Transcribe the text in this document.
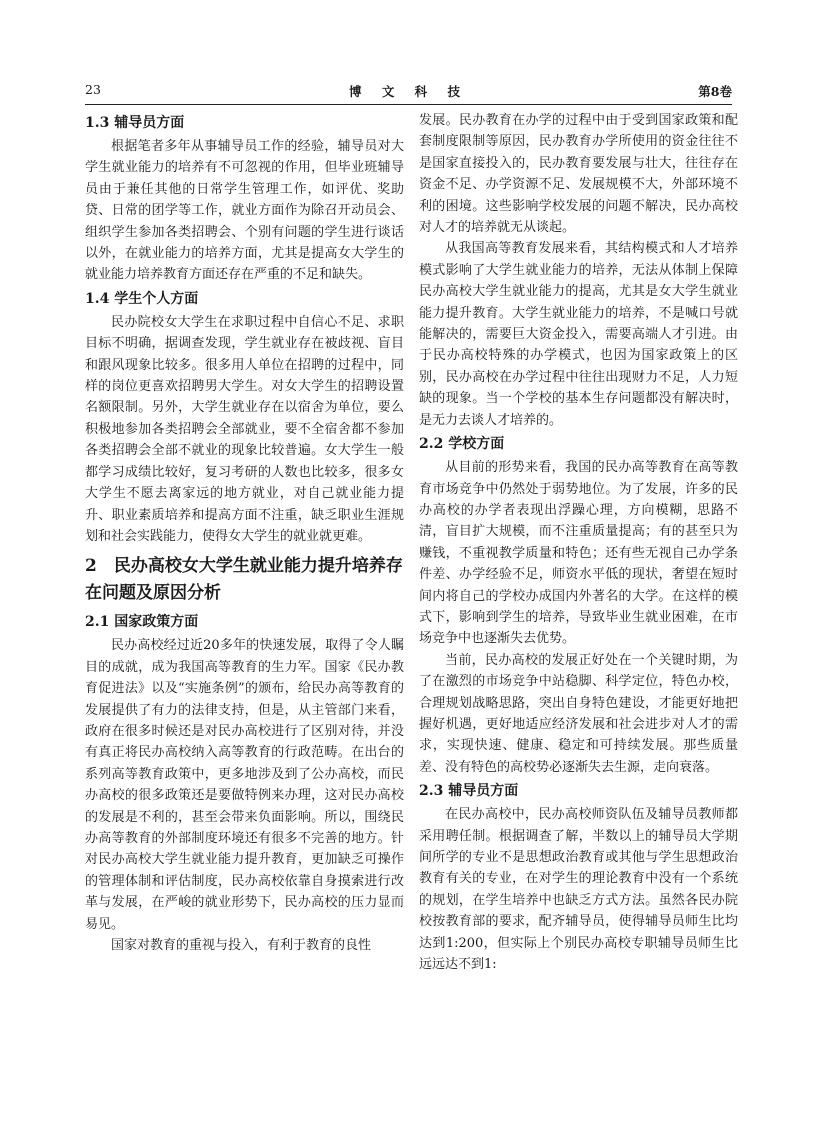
23	博 文 科 技	第8卷
1.3 辅导员方面

根据笔者多年从事辅导员工作的经验，辅导员对大学生就业能力的培养有不可忽视的作用，但毕业班辅导员由于兼任其他的日常学生管理工作，如评优、奖助贷、日常的团学等工作，就业方面作为除召开动员会、组织学生参加各类招聘会、个别有问题的学生进行谈话以外，在就业能力的培养方面，尤其是提高女大学生的就业能力培养教育方面还存在严重的不足和缺失。

1.4 学生个人方面

民办院校女大学生在求职过程中自信心不足、求职目标不明确，据调查发现，学生就业存在被歧视、盲目和跟风现象比较多。很多用人单位在招聘的过程中，同样的岗位更喜欢招聘男大学生。对女大学生的招聘设置名额限制。另外，大学生就业存在以宿舍为单位，要么积极地参加各类招聘会全部就业，要不全宿舍都不参加各类招聘会全部不就业的现象比较普遍。女大学生一般都学习成绩比较好，复习考研的人数也比较多，很多女大学生不愿去离家远的地方就业，对自己就业能力提升、职业素质培养和提高方面不注重，缺乏职业生涯规划和社会实践能力，使得女大学生的就业就更难。

2　民办高校女大学生就业能力提升培养存在问题及原因分析
2.1 国家政策方面

民办高校经过近20多年的快速发展，取得了令人瞩目的成就，成为我国高等教育的生力军。国家《民办教育促进法》以及“实施条例”的颁布，给民办高等教育的发展提供了有力的法律支持，但是，从主管部门来看，政府在很多时候还是对民办高校进行了区别对待，并没有真正将民办高校纳入高等教育的行政范畴。在出台的系列高等教育政策中，更多地涉及到了公办高校，而民办高校的很多政策还是要做特例来办理，这对民办高校的发展是不利的，甚至会带来负面影响。所以，围绕民办高等教育的外部制度环境还有很多不完善的地方。针对民办高校大学生就业能力提升教育，更加缺乏可操作的管理体制和评估制度，民办高校依靠自身摸索进行改革与发展，在严峻的就业形势下，民办高校的压力显而易见。

国家对教育的重视与投入，有利于教育的良性

发展。民办教育在办学的过程中由于受到国家政策和配套制度限制等原因，民办教育办学所使用的资金往往不是国家直接投入的，民办教育要发展与壮大，往往存在资金不足、办学资源不足、发展规模不大，外部环境不利的困境。这些影响学校发展的问题不解决，民办高校对人才的培养就无从谈起。

从我国高等教育发展来看，其结构模式和人才培养模式影响了大学生就业能力的培养，无法从体制上保障民办高校大学生就业能力的提高，尤其是女大学生就业能力提升教育。大学生就业能力的培养，不是喊口号就能解决的，需要巨大资金投入，需要高端人才引进。由于民办高校特殊的办学模式，也因为国家政策上的区别，民办高校在办学过程中往往出现财力不足，人力短缺的现象。当一个学校的基本生存问题都没有解决时，是无力去谈人才培养的。

2.2 学校方面

从目前的形势来看，我国的民办高等教育在高等教育市场竞争中仍然处于弱势地位。为了发展，许多的民办高校的办学者表现出浮躁心理，方向模糊，思路不清，盲目扩大规模，而不注重质量提高；有的甚至只为赚钱，不重视教学质量和特色；还有些无视自己办学条件差、办学经验不足，师资水平低的现状，奢望在短时间内将自己的学校办成国内外著名的大学。在这样的模式下，影响到学生的培养，导致毕业生就业困难，在市场竞争中也逐渐失去优势。

当前，民办高校的发展正好处在一个关键时期，为了在激烈的市场竞争中站稳脚、科学定位，特色办校，合理规划战略思路，突出自身特色建设，才能更好地把握好机遇，更好地适应经济发展和社会进步对人才的需求，实现快速、健康、稳定和可持续发展。那些质量差、没有特色的高校势必逐渐失去生源，走向衰落。

2.3 辅导员方面

在民办高校中，民办高校师资队伍及辅导员教师都采用聘任制。根据调查了解，半数以上的辅导员大学期间所学的专业不是思想政治教育或其他与学生思想政治教育有关的专业，在对学生的理论教育中没有一个系统的规划，在学生培养中也缺乏方式方法。虽然各民办院校按教育部的要求，配齐辅导员，使得辅导员师生比均达到1:200，但实际上个别民办高校专职辅导员师生比远远达不到1:
